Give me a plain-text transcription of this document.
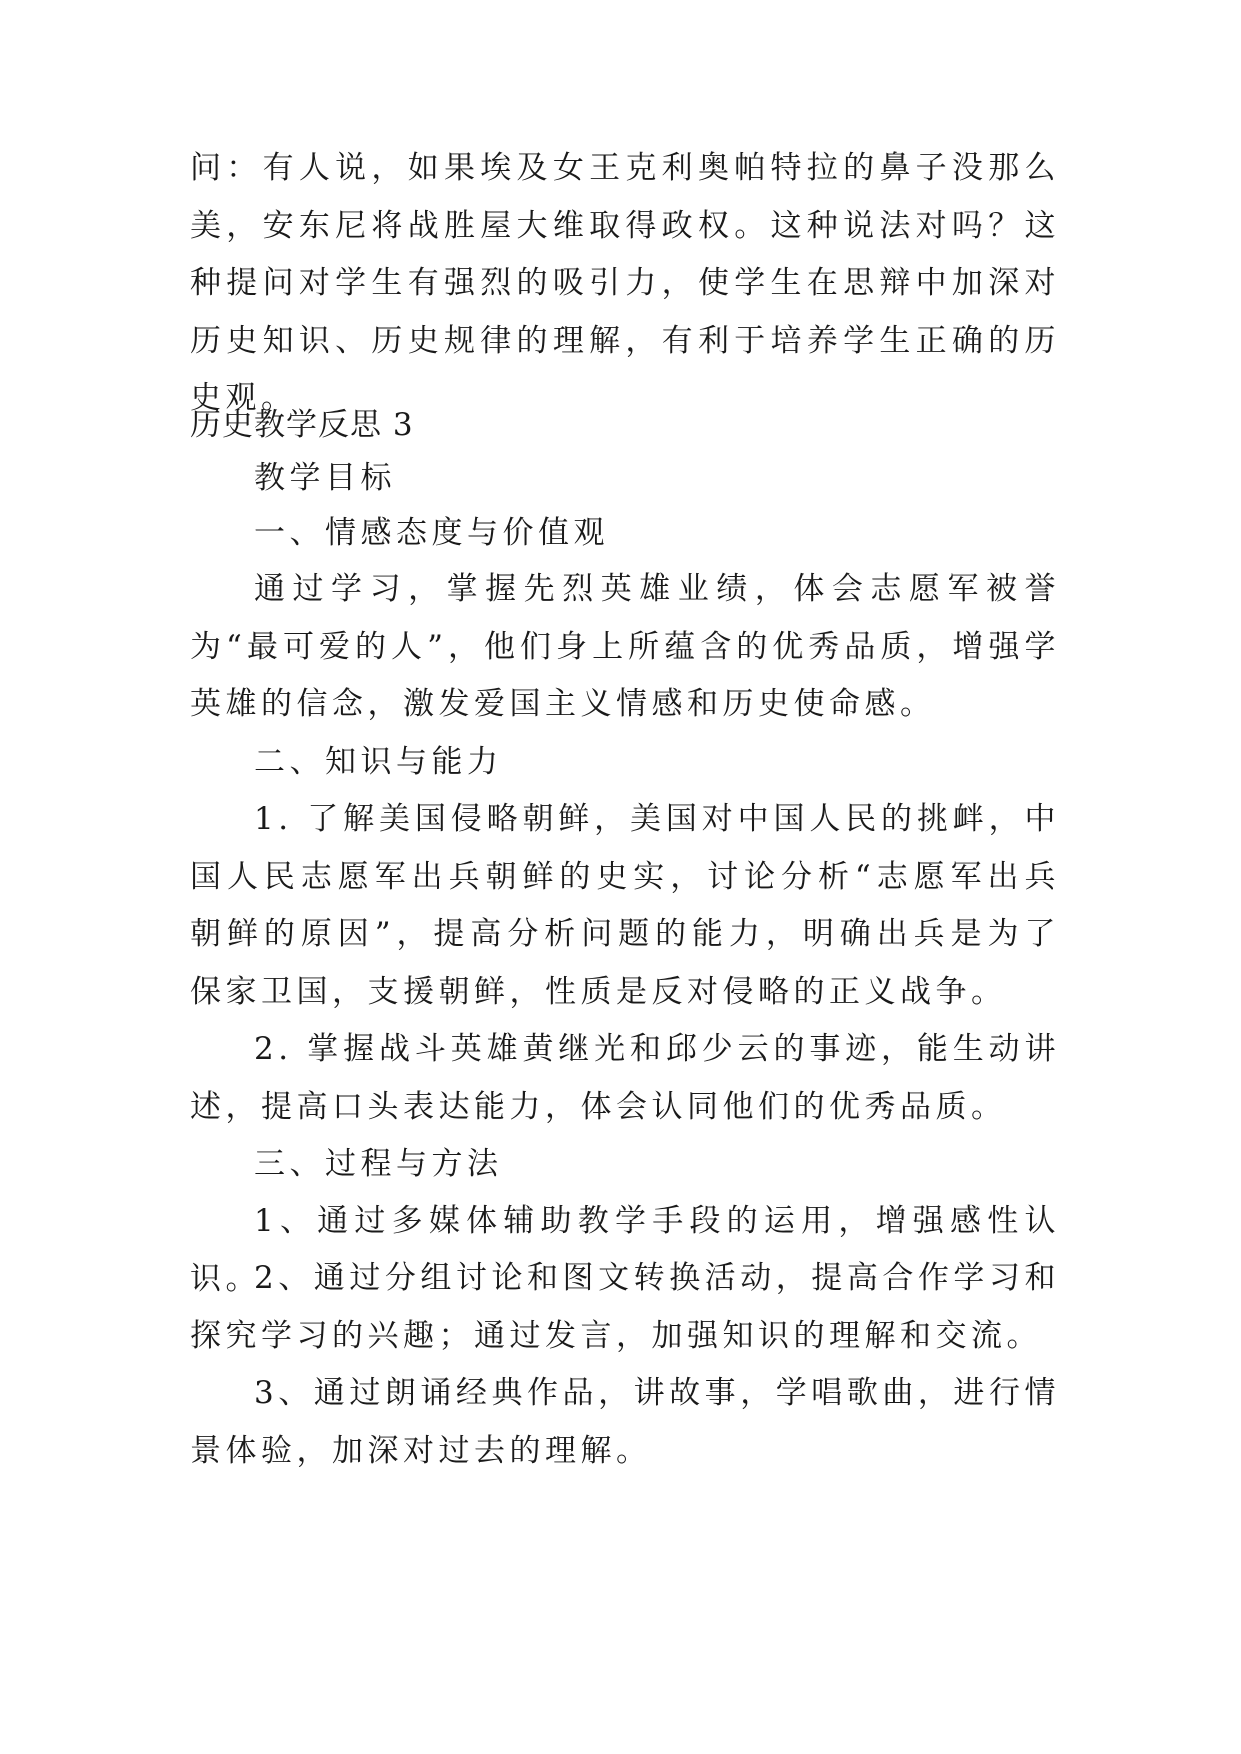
问：有人说，如果埃及女王克利奥帕特拉的鼻子没那么美，安东尼将战胜屋大维取得政权。这种说法对吗？这种提问对学生有强烈的吸引力，使学生在思辩中加深对历史知识、历史规律的理解，有利于培养学生正确的历史观。

历史教学反思 3

教学目标

一、情感态度与价值观

通过学习，掌握先烈英雄业绩，体会志愿军被誉为“最可爱的人”，他们身上所蕴含的优秀品质，增强学英雄的信念，激发爱国主义情感和历史使命感。

二、知识与能力

1. 了解美国侵略朝鲜，美国对中国人民的挑衅，中国人民志愿军出兵朝鲜的史实，讨论分析“志愿军出兵朝鲜的原因”，提高分析问题的能力，明确出兵是为了保家卫国，支援朝鲜，性质是反对侵略的正义战争。

2. 掌握战斗英雄黄继光和邱少云的事迹，能生动讲述，提高口头表达能力，体会认同他们的优秀品质。

三、过程与方法

1、通过多媒体辅助教学手段的运用，增强感性认识。

2、通过分组讨论和图文转换活动，提高合作学习和探究学习的兴趣；通过发言，加强知识的理解和交流。

3、通过朗诵经典作品，讲故事，学唱歌曲，进行情景体验，加深对过去的理解。
